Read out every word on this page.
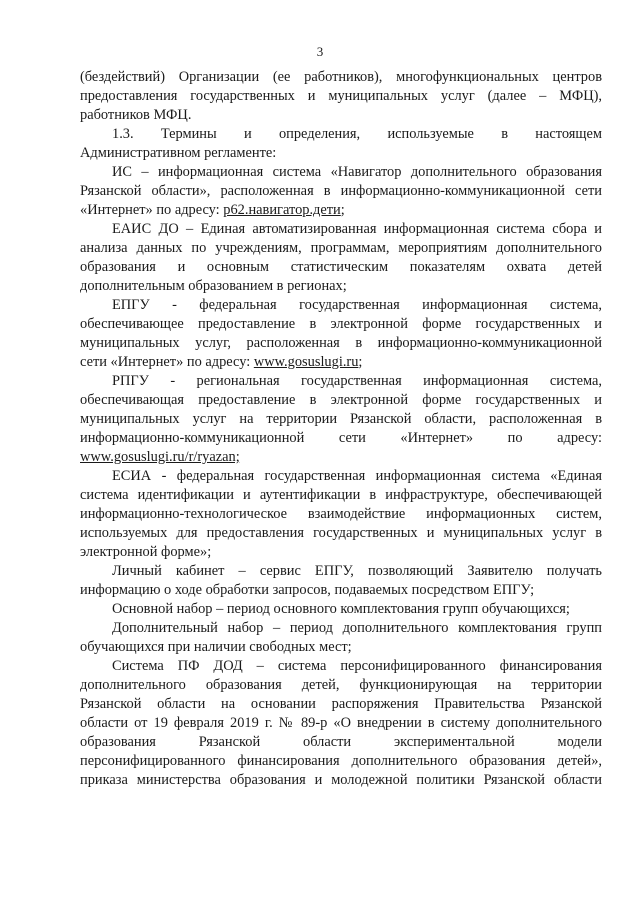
3
(бездействий) Организации (ее работников), многофункциональных центров
предоставления государственных и муниципальных услуг (далее – МФЦ),
работников МФЦ.
1.3. Термины и определения, используемые в настоящем
Административном регламенте:
ИС – информационная система «Навигатор дополнительного образования
Рязанской области», расположенная в информационно-коммуникационной сети
«Интернет» по адресу: р62.навигатор.дети;
ЕАИС ДО – Единая автоматизированная информационная система сбора и
анализа данных по учреждениям, программам, мероприятиям дополнительного
образования и основным статистическим показателям охвата детей
дополнительным образованием в регионах;
ЕПГУ - федеральная государственная информационная система,
обеспечивающее предоставление в электронной форме государственных и
муниципальных услуг, расположенная в информационно-коммуникационной
сети «Интернет» по адресу: www.gosuslugi.ru;
РПГУ - региональная государственная информационная система,
обеспечивающая предоставление в электронной форме государственных и
муниципальных услуг на территории Рязанской области, расположенная в
информационно-коммуникационной сети «Интернет» по адресу:
www.gosuslugi.ru/r/ryazan;
ЕСИА - федеральная государственная информационная система «Единая
система идентификации и аутентификации в инфраструктуре, обеспечивающей
информационно-технологическое взаимодействие информационных систем,
используемых для предоставления государственных и муниципальных услуг в
электронной форме»;
Личный кабинет – сервис ЕПГУ, позволяющий Заявителю получать
информацию о ходе обработки запросов, подаваемых посредством ЕПГУ;
Основной набор – период основного комплектования групп обучающихся;
Дополнительный набор – период дополнительного комплектования групп
обучающихся при наличии свободных мест;
Система ПФ ДОД – система персонифицированного финансирования
дополнительного образования детей, функционирующая на территории
Рязанской области на основании распоряжения Правительства Рязанской
области от 19 февраля 2019 г. № 89-р «О внедрении в систему дополнительного
образования Рязанской области экспериментальной модели
персонифицированного финансирования дополнительного образования детей»,
приказа министерства образования и молодежной политики Рязанской области
